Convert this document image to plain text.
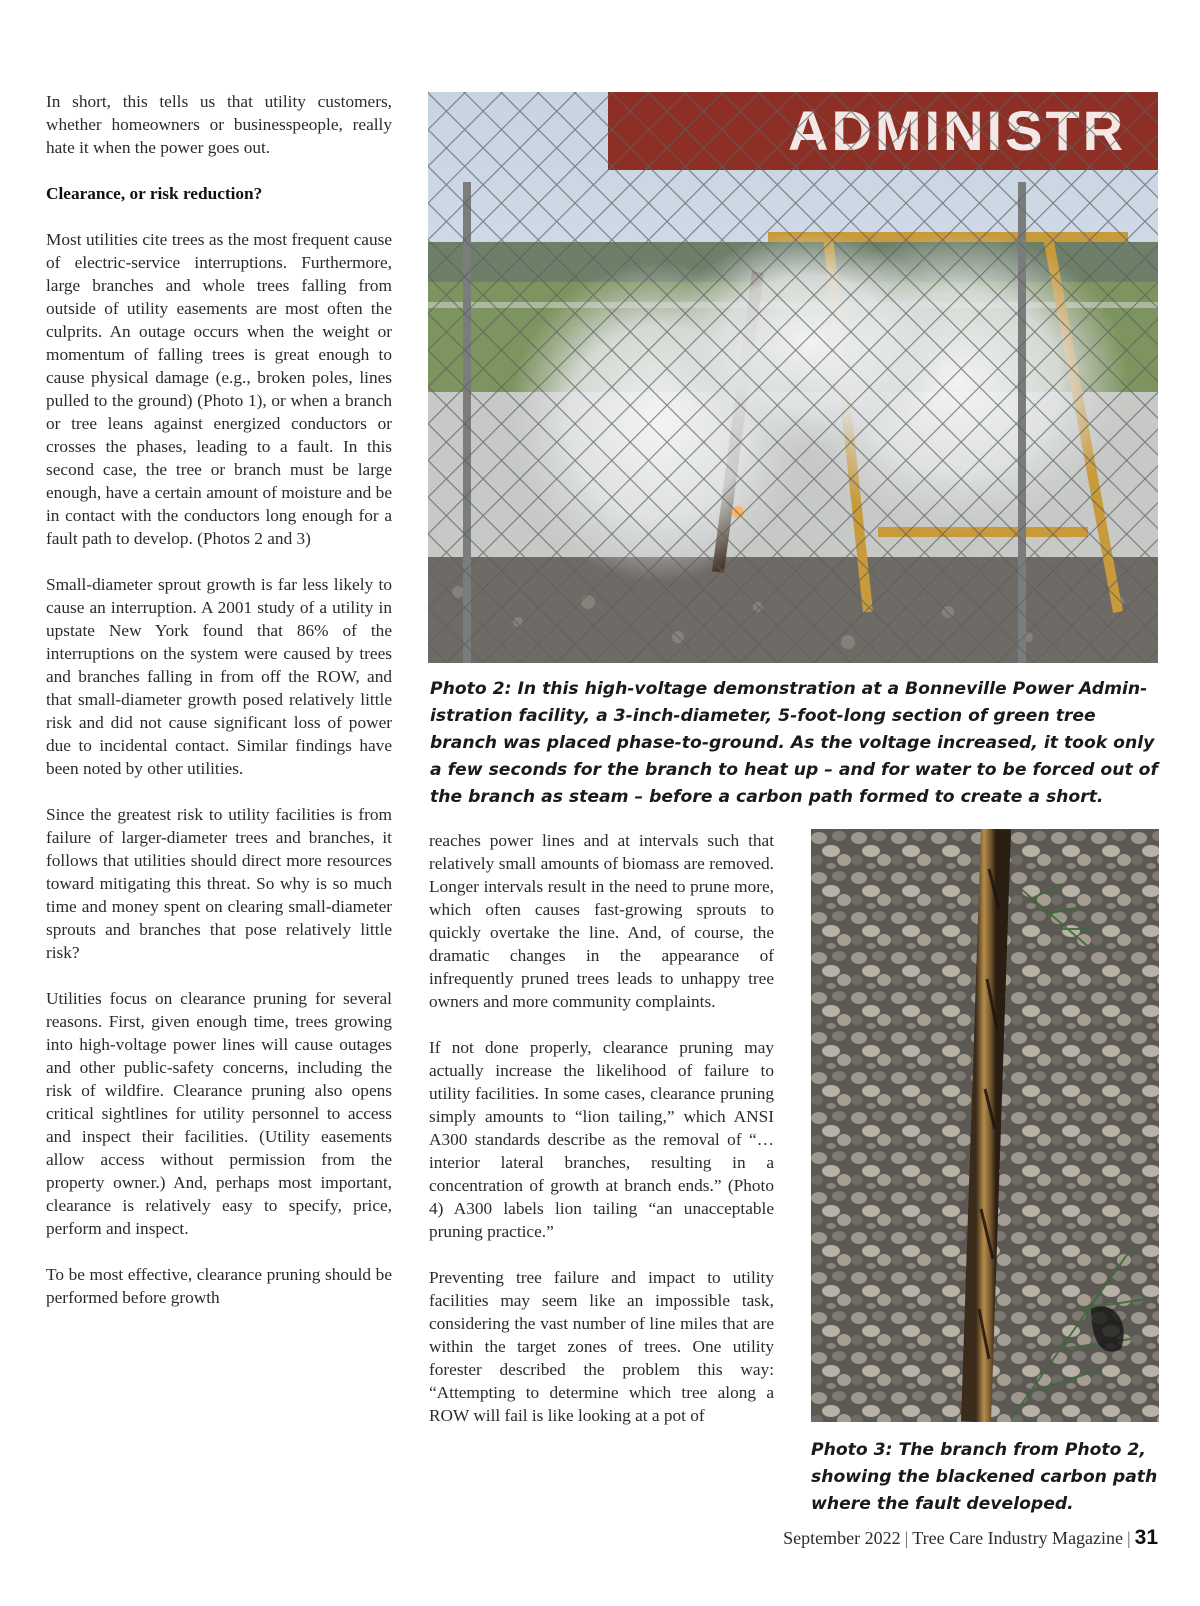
In short, this tells us that utility customers, whether homeowners or businesspeople, really hate it when the power goes out.

Clearance, or risk reduction?

Most utilities cite trees as the most frequent cause of electric-service interruptions. Furthermore, large branches and whole trees falling from outside of utility easements are most often the culprits. An outage occurs when the weight or momentum of falling trees is great enough to cause physical damage (e.g., broken poles, lines pulled to the ground) (Photo 1), or when a branch or tree leans against energized conductors or crosses the phases, leading to a fault. In this second case, the tree or branch must be large enough, have a certain amount of moisture and be in contact with the conductors long enough for a fault path to develop. (Photos 2 and 3)

Small-diameter sprout growth is far less likely to cause an interruption. A 2001 study of a utility in upstate New York found that 86% of the interruptions on the system were caused by trees and branches falling in from off the ROW, and that small-diameter growth posed relatively little risk and did not cause significant loss of power due to incidental contact. Similar findings have been noted by other utilities.

Since the greatest risk to utility facilities is from failure of larger-diameter trees and branches, it follows that utilities should direct more resources toward mitigating this threat. So why is so much time and money spent on clearing small-diameter sprouts and branches that pose relatively little risk?

Utilities focus on clearance pruning for several reasons. First, given enough time, trees growing into high-voltage power lines will cause outages and other public-safety concerns, including the risk of wildfire. Clearance pruning also opens critical sightlines for utility personnel to access and inspect their facilities. (Utility easements allow access without permission from the property owner.) And, perhaps most important, clearance is relatively easy to specify, price, perform and inspect.

To be most effective, clearance pruning should be performed before growth

Photo 2: In this high-voltage demonstration at a Bonneville Power Administration facility, a 3-inch-diameter, 5-foot-long section of green tree branch was placed phase-to-ground. As the voltage increased, it took only a few seconds for the branch to heat up – and for water to be forced out of the branch as steam – before a carbon path formed to create a short.

reaches power lines and at intervals such that relatively small amounts of biomass are removed. Longer intervals result in the need to prune more, which often causes fast-growing sprouts to quickly overtake the line. And, of course, the dramatic changes in the appearance of infrequently pruned trees leads to unhappy tree owners and more community complaints.

If not done properly, clearance pruning may actually increase the likelihood of failure to utility facilities. In some cases, clearance pruning simply amounts to “lion tailing,” which ANSI A300 standards describe as the removal of “… interior lateral branches, resulting in a concentration of growth at branch ends.” (Photo 4) A300 labels lion tailing “an unacceptable pruning practice.”

Preventing tree failure and impact to utility facilities may seem like an impossible task, considering the vast number of line miles that are within the target zones of trees. One utility forester described the problem this way: “Attempting to determine which tree along a ROW will fail is like looking at a pot of

Photo 3: The branch from Photo 2, showing the blackened carbon path where the fault developed.
September 2022 | Tree Care Industry Magazine | 31
